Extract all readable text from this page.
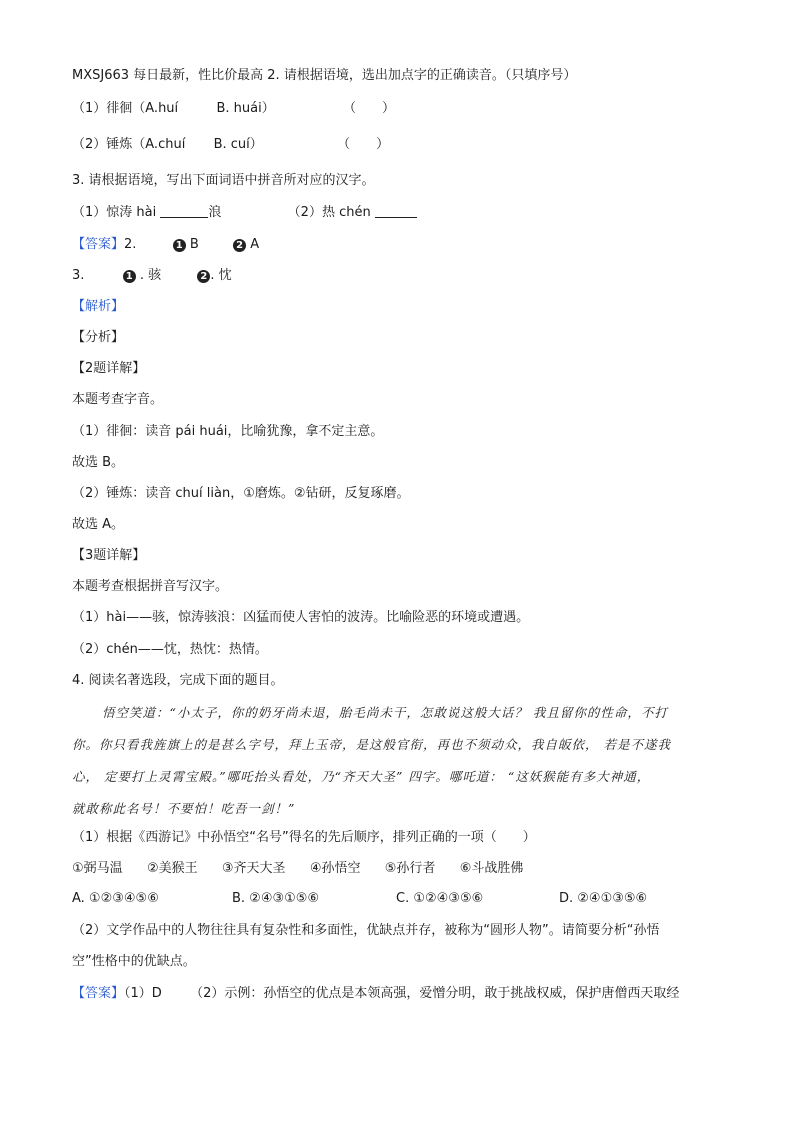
MXSJ663 每日最新，性比价最高 2. 请根据语境，选出加点字的正确读音。（只填序号）
（1）徘徊（A.huí	B. huái）	（　　）
（2）锤炼（A.chuí B. cuí）	（　　）
3. 请根据语境，写出下面词语中拼音所对应的汉字。
（1）惊涛 hài	浪	（2）热 chén
【答案】2.	1 B	2 A
3.	1 . 骇	2 . 忱
【解析】
【分析】
【2题详解】
本题考查字音。
（1）徘徊：读音 pái huái，比喻犹豫，拿不定主意。
故选 B。
（2）锤炼：读音 chuí liàn，①磨炼。②钻研，反复琢磨。
故选 A。
【3题详解】
本题考查根据拼音写汉字。
（1）hài——骇，惊涛骇浪：凶猛而使人害怕的波涛。比喻险恶的环境或遭遇。
（2）chén——忱，热忱：热情。
4. 阅读名著选段，完成下面的题目。
悟空笑道：“小太子，你的奶牙尚未退，胎毛尚未干，怎敢说这般大话？ 我且留你的性命，不打
你。你只看我旌旗上的是甚么字号，拜上玉帝，是这般官衔，再也不须动众，我自皈依， 若是不遂我
心， 定要打上灵霄宝殿。”哪吒抬头看处，乃“齐天大圣” 四字。哪吒道： “这妖猴能有多大神通，
就敢称此名号！不要怕！吃吾一剑！”
（1）根据《西游记》中孙悟空“名号”得名的先后顺序，排列正确的一项（　　）
①弼马温 ②美猴王 ③齐天大圣 ④孙悟空 ⑤孙行者 ⑥斗战胜佛
A. ①②③④⑤⑥	B. ②④③①⑤⑥	C. ①②④③⑤⑥	D. ②④①③⑤⑥
（2）文学作品中的人物往往具有复杂性和多面性，优缺点并存，被称为“圆形人物”。请简要分析“孙悟
空”性格中的优缺点。
【答案】（1）D （2）示例：孙悟空的优点是本领高强，爱憎分明，敢于挑战权威，保护唐僧西天取经
